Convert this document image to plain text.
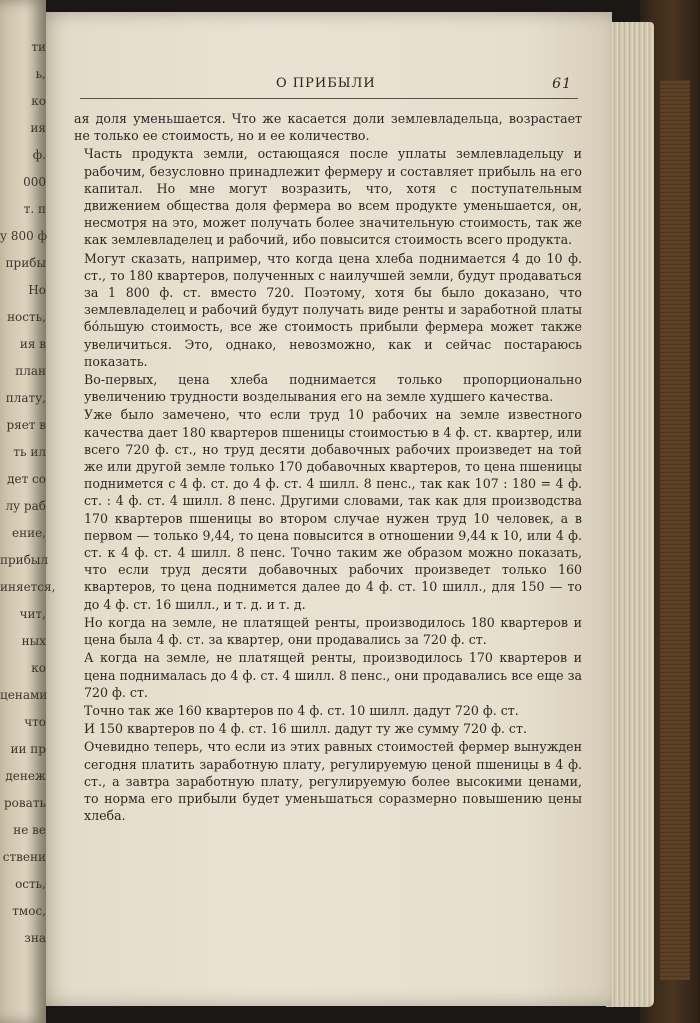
О ПРИБЫЛИ	61

ая доля уменьшается. Что же касается доли землевладельца, возрастает не только ее стоимость, но и ее количество.

Часть продукта земли, остающаяся после уплаты землевладельцу и рабочим, безусловно принадлежит фермеру и составляет прибыль на его капитал. Но мне могут возразить, что, хотя с поступательным движением общества доля фермера во всем продукте уменьшается, он, несмотря на это, может получать более значительную стоимость, так же как землевладелец и рабочий, ибо повысится стоимость всего продукта.

Могут сказать, например, что когда цена хлеба поднимается 4 до 10 ф. ст., то 180 квартеров, полученных с наилучшей земли, будут продаваться за 1 800 ф. ст. вместо 720. Поэтому, хотя бы было доказано, что землевладелец и рабочий будут получать виде ренты и заработной платы бо́льшую стоимость, все же стоимость прибыли фермера может также увеличиться. Это, однако, невозможно, как и сейчас постараюсь показать.

Во-первых, цена хлеба поднимается только пропорционально увеличению трудности возделывания его на земле худшего качества.

Уже было замечено, что если труд 10 рабочих на земле известного качества дает 180 квартеров пшеницы стоимостью в 4 ф. ст. квартер, или всего 720 ф. ст., но труд десяти добавочных рабочих произведет на той же или другой земле только 170 добавочных квартеров, то цена пшеницы поднимется с 4 ф. ст. до 4 ф. ст. 4 шилл. 8 пенс., так как 107 : 180 = 4 ф. ст. : 4 ф. ст. 4 шилл. 8 пенс. Другими словами, так как для производства 170 квартеров пшеницы во втором случае нужен труд 10 человек, а в первом — только 9,44, то цена повысится в отношении 9,44 к 10, или 4 ф. ст. к 4 ф. ст. 4 шилл. 8 пенс. Точно таким же образом можно показать, что если труд десяти добавочных рабочих произведет только 160 квартеров, то цена поднимется далее до 4 ф. ст. 10 шилл., для 150 — то до 4 ф. ст. 16 шилл., и т. д. и т. д.

Но когда на земле, не платящей ренты, производилось 180 квартеров и цена была 4 ф. ст. за квартер, они продавались за 720 ф. ст.

А когда на земле, не платящей ренты, производилось 170 квартеров и цена поднималась до 4 ф. ст. 4 шилл. 8 пенс., они продавались все еще за 720 ф. ст.

Точно так же 160 квартеров по 4 ф. ст. 10 шилл. дадут 720 ф. ст.

И 150 квартеров по 4 ф. ст. 16 шилл. дадут ту же сумму 720 ф. ст.

Очевидно теперь, что если из этих равных стоимостей фермер вынужден сегодня платить заработную плату, регулируемую ценой пшеницы в 4 ф. ст., а завтра заработную плату, регулируемую более высокими ценами, то норма его прибыли будет уменьшаться соразмерно повышению цены хлеба.

ти
ь,
ко
ия
ф.
000
т. п
у 800 ф
прибы
Но
ность,
ия в
план
плату,
ряет в
ть ил
дет со
лу раб
ение,
прибыл
иняется,
чит,
ных
ко
ценами
что
ии пр
денеж
ровать
не ве
ствени
ость,
тмос,
зна
